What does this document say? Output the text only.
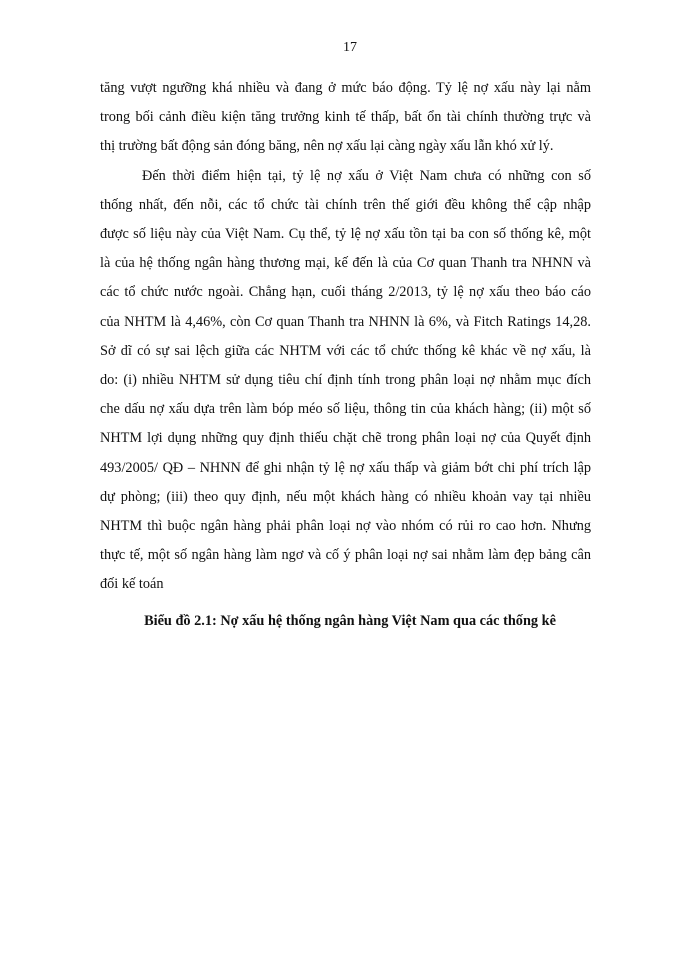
17
tăng vượt ngưỡng khá nhiều và đang ở mức báo động. Tỷ lệ nợ xấu này lại nằm
trong bối cảnh điều kiện tăng trưởng kinh tế thấp, bất ổn tài chính thường trực và
thị trường bất động sản đóng băng, nên nợ xấu lại càng ngày xấu lẫn khó xử lý.
Đến thời điểm hiện tại, tỷ lệ nợ xấu ở Việt Nam chưa có những con số
thống nhất, đến nỗi, các tổ chức tài chính trên thế giới đều không thể cập nhập
được số liệu này của Việt Nam. Cụ thể, tỷ lệ nợ xấu tồn tại ba con số thống kê, một
là của hệ thống ngân hàng thương mại, kế đến là của Cơ quan Thanh tra NHNN và
các tổ chức nước ngoài. Chẳng hạn, cuối tháng 2/2013, tỷ lệ nợ xấu theo báo cáo
của NHTM là 4,46%, còn Cơ quan Thanh tra NHNN là 6%, và Fitch Ratings 14,28.
Sở dĩ có sự sai lệch giữa các NHTM với các tổ chức thống kê khác về nợ xấu, là
do: (i) nhiều NHTM sử dụng tiêu chí định tính trong phân loại nợ nhằm mục đích
che dấu nợ xấu dựa trên làm bóp méo số liệu, thông tin của khách hàng; (ii) một số
NHTM lợi dụng những quy định thiếu chặt chẽ trong phân loại nợ của Quyết định
493/2005/ QĐ – NHNN để ghi nhận tỷ lệ nợ xấu thấp và giảm bớt chi phí trích lập
dự phòng; (iii) theo quy định, nếu một khách hàng có nhiều khoản vay tại nhiều
NHTM thì buộc ngân hàng phải phân loại nợ vào nhóm có rủi ro cao hơn. Nhưng
thực tế, một số ngân hàng làm ngơ và cố ý phân loại nợ sai nhằm làm đẹp bảng cân
đối kế toán
Biểu đồ 2.1: Nợ xấu hệ thống ngân hàng Việt Nam qua các thống kê
